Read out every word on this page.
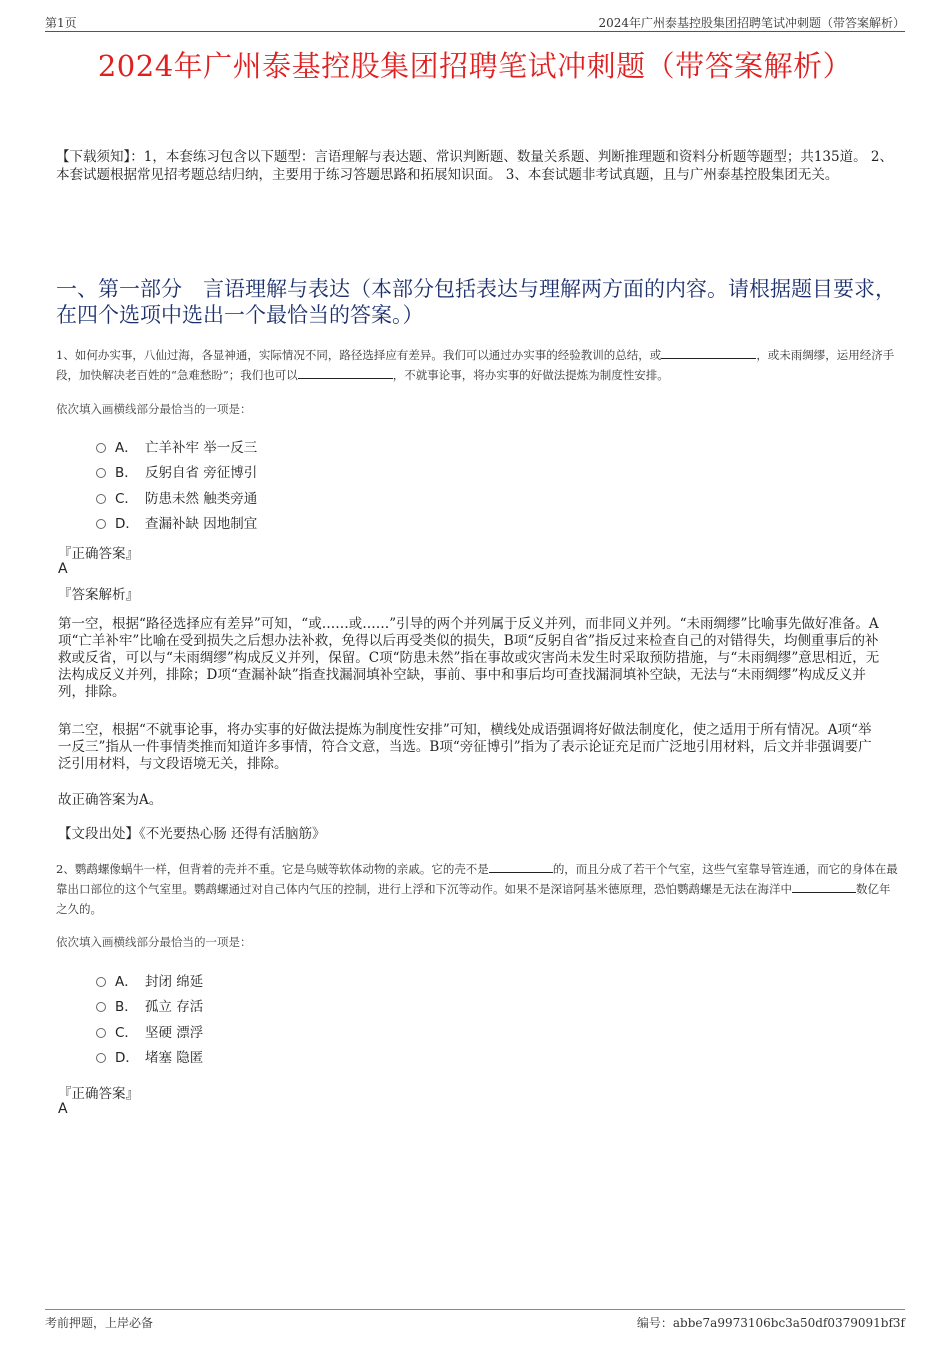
第1页	2024年广州泰基控股集团招聘笔试冲刺题（带答案解析）
2024年广州泰基控股集团招聘笔试冲刺题（带答案解析）
【下载须知】：1，本套练习包含以下题型：言语理解与表达题、常识判断题、数量关系题、判断推理题和资料分析题等题型；共135道。 2、本套试题根据常见招考题总结归纳，主要用于练习答题思路和拓展知识面。 3、本套试题非考试真题，且与广州泰基控股集团无关。
一、第一部分　言语理解与表达（本部分包括表达与理解两方面的内容。请根据题目要求，在四个选项中选出一个最恰当的答案。）
1、如何办实事，八仙过海，各显神通，实际情况不同，路径选择应有差异。我们可以通过办实事的经验教训的总结，或	，或未雨绸缪，运用经济手段，加快解决老百姓的“急难愁盼”；我们也可以	，不就事论事，将办实事的好做法提炼为制度性安排。
依次填入画横线部分最恰当的一项是：
A． 亡羊补牢 举一反三
B． 反躬自省 旁征博引
C． 防患未然 触类旁通
D． 查漏补缺 因地制宜
『正确答案』
A
『答案解析』
第一空，根据“路径选择应有差异”可知，“或……或……”引导的两个并列属于反义并列，而非同义并列。“未雨绸缪”比喻事先做好准备。A项“亡羊补牢”比喻在受到损失之后想办法补救，免得以后再受类似的损失，B项“反躬自省”指反过来检查自己的对错得失，均侧重事后的补救或反省，可以与“未雨绸缪”构成反义并列，保留。C项“防患未然”指在事故或灾害尚未发生时采取预防措施，与“未雨绸缪”意思相近，无法构成反义并列，排除；D项“查漏补缺”指查找漏洞填补空缺，事前、事中和事后均可查找漏洞填补空缺，无法与“未雨绸缪”构成反义并列，排除。
第二空，根据“不就事论事，将办实事的好做法提炼为制度性安排”可知，横线处成语强调将好做法制度化，使之适用于所有情况。A项“举一反三”指从一件事情类推而知道许多事情，符合文意，当选。B项“旁征博引”指为了表示论证充足而广泛地引用材料，后文并非强调要广泛引用材料，与文段语境无关，排除。
故正确答案为A。
【文段出处】《不光要热心肠 还得有活脑筋》
2、鹦鹉螺像蜗牛一样，但背着的壳并不重。它是乌贼等软体动物的亲戚。它的壳不是	的，而且分成了若干个气室，这些气室靠导管连通，而它的身体在最靠出口部位的这个气室里。鹦鹉螺通过对自己体内气压的控制，进行上浮和下沉等动作。如果不是深谙阿基米德原理，恐怕鹦鹉螺是无法在海洋中	数亿年之久的。
依次填入画横线部分最恰当的一项是：
A． 封闭 绵延
B． 孤立 存活
C． 坚硬 漂浮
D． 堵塞 隐匿
『正确答案』
A
考前押题，上岸必备	编号：abbe7a9973106bc3a50df0379091bf3f
